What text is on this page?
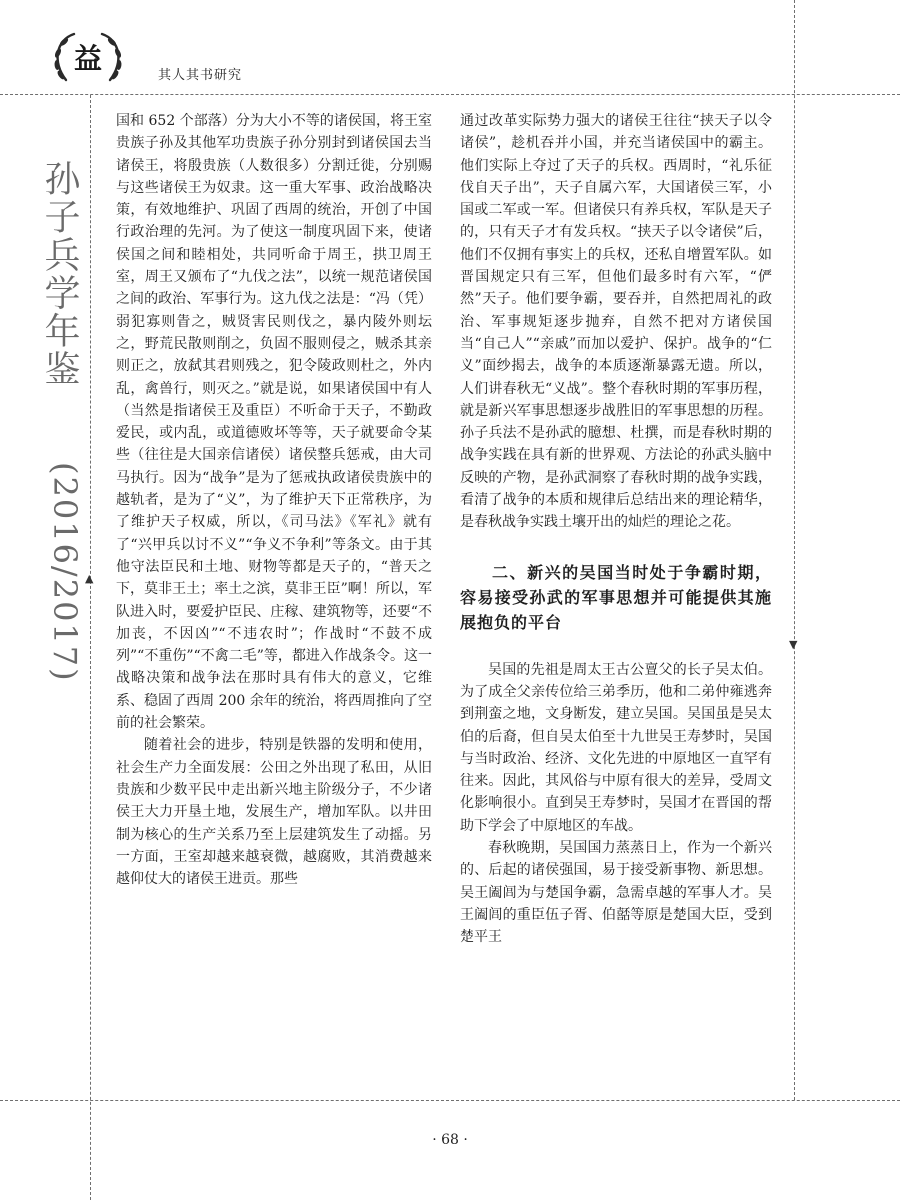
益
其人其书研究
孙子兵学年鉴
(2016/2017) ▲
▼

国和 652 个部落）分为大小不等的诸侯国，将王室贵族子孙及其他军功贵族子孙分别封到诸侯国去当诸侯王，将殷贵族（人数很多）分割迁徙，分别赐与这些诸侯王为奴隶。这一重大军事、政治战略决策，有效地维护、巩固了西周的统治，开创了中国行政治理的先河。为了使这一制度巩固下来，使诸侯国之间和睦相处，共同听命于周王，拱卫周王室，周王又颁布了“九伐之法”，以统一规范诸侯国之间的政治、军事行为。这九伐之法是：“冯（凭）弱犯寡则眚之，贼贤害民则伐之，暴内陵外则坛之，野荒民散则削之，负固不服则侵之，贼杀其亲则正之，放弑其君则残之，犯令陵政则杜之，外内乱，禽兽行，则灭之。”就是说，如果诸侯国中有人（当然是指诸侯王及重臣）不听命于天子，不勤政爱民，或内乱，或道德败坏等等，天子就要命令某些（往往是大国亲信诸侯）诸侯整兵惩戒，由大司马执行。因为“战争”是为了惩戒执政诸侯贵族中的越轨者，是为了“义”，为了维护天下正常秩序，为了维护天子权威，所以，《司马法》《军礼》就有了“兴甲兵以讨不义”“争义不争利”等条文。由于其他守法臣民和土地、财物等都是天子的，“普天之下，莫非王土；率土之滨，莫非王臣”啊！所以，军队进入时，要爱护臣民、庄稼、建筑物等，还要“不加丧，不因凶”“不违农时”；作战时“不鼓不成列”“不重伤”“不禽二毛”等，都进入作战条令。这一战略决策和战争法在那时具有伟大的意义，它维系、稳固了西周 200 余年的统治，将西周推向了空前的社会繁荣。

随着社会的进步，特别是铁器的发明和使用，社会生产力全面发展：公田之外出现了私田，从旧贵族和少数平民中走出新兴地主阶级分子，不少诸侯王大力开垦土地，发展生产，增加军队。以井田制为核心的生产关系乃至上层建筑发生了动摇。另一方面，王室却越来越衰微，越腐败，其消费越来越仰仗大的诸侯王进贡。那些

通过改革实际势力强大的诸侯王往往“挟天子以令诸侯”，趁机吞并小国，并充当诸侯国中的霸主。他们实际上夺过了天子的兵权。西周时，“礼乐征伐自天子出”，天子自属六军，大国诸侯三军，小国或二军或一军。但诸侯只有养兵权，军队是天子的，只有天子才有发兵权。“挟天子以令诸侯”后，他们不仅拥有事实上的兵权，还私自增置军队。如晋国规定只有三军，但他们最多时有六军，“俨然”天子。他们要争霸，要吞并，自然把周礼的政治、军事规矩逐步抛弃，自然不把对方诸侯国当“自己人”“亲戚”而加以爱护、保护。战争的“仁义”面纱揭去，战争的本质逐渐暴露无遗。所以，人们讲春秋无“义战”。整个春秋时期的军事历程，就是新兴军事思想逐步战胜旧的军事思想的历程。孙子兵法不是孙武的臆想、杜撰，而是春秋时期的战争实践在具有新的世界观、方法论的孙武头脑中反映的产物，是孙武洞察了春秋时期的战争实践，看清了战争的本质和规律后总结出来的理论精华，是春秋战争实践土壤开出的灿烂的理论之花。

二、新兴的吴国当时处于争霸时期，容易接受孙武的军事思想并可能提供其施展抱负的平台

吴国的先祖是周太王古公亶父的长子吴太伯。为了成全父亲传位给三弟季历，他和二弟仲雍逃奔到荆蛮之地，文身断发，建立吴国。吴国虽是吴太伯的后裔，但自吴太伯至十九世吴王寿梦时，吴国与当时政治、经济、文化先进的中原地区一直罕有往来。因此，其风俗与中原有很大的差异，受周文化影响很小。直到吴王寿梦时，吴国才在晋国的帮助下学会了中原地区的车战。

春秋晚期，吴国国力蒸蒸日上，作为一个新兴的、后起的诸侯强国，易于接受新事物、新思想。吴王阖闾为与楚国争霸，急需卓越的军事人才。吴王阖闾的重臣伍子胥、伯嚭等原是楚国大臣，受到楚平王

· 68 ·
